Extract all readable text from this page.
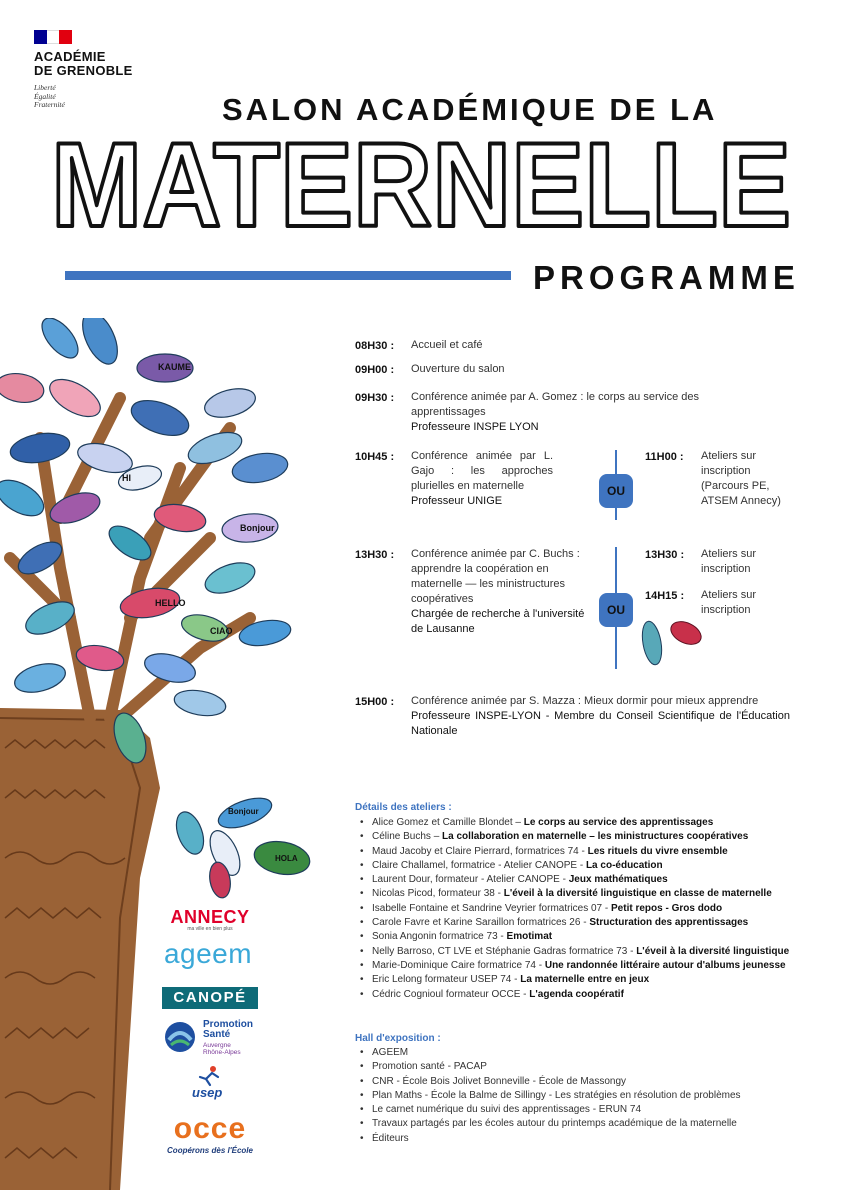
ACADÉMIE
DE GRENOBLE
Liberté
Égalité
Fraternité	SALON ACADÉMIQUE DE LA
MATERNELLE
PROGRAMME
KAUME
HI
CIAO
HELLO
Bonjour
HOLA
Bonjour
08H30 : Accueil et café
09H00 : Ouverture du salon
09H30 : Conférence animée par A. Gomez : le corps au service des apprentissages
Professeure INSPE LYON
10H45 : Conférence animée par L. Gajo : les approches plurielles en maternelle
Professeur UNIGE
OU
11H00 : Ateliers sur inscription (Parcours PE, ATSEM Annecy)
13H30 : Conférence animée par C. Buchs : apprendre la coopération en maternelle — les ministructures coopératives
Chargée de recherche à l'université de Lausanne
OU
13H30 : Ateliers sur inscription
14H15 : Ateliers sur inscription
15H00 : Conférence animée par S. Mazza : Mieux dormir pour mieux apprendre
Professeure INSPE-LYON - Membre du Conseil Scientifique de l'Éducation Nationale
Détails des ateliers :
• Alice Gomez et Camille Blondet – Le corps au service des apprentissages
• Céline Buchs – La collaboration en maternelle – les ministructures coopératives
• Maud Jacoby et Claire Pierrard, formatrices 74 - Les rituels du vivre ensemble
• Claire Challamel, formatrice - Atelier CANOPE - La co-éducation
• Laurent Dour, formateur - Atelier CANOPE - Jeux mathématiques
• Nicolas Picod, formateur 38 - L'éveil à la diversité linguistique en classe de maternelle
• Isabelle Fontaine et Sandrine Veyrier formatrices 07 - Petit repos - Gros dodo
• Carole Favre et Karine Saraillon formatrices 26 - Structuration des apprentissages
• Sonia Angonin formatrice 73 - Emotimat
• Nelly Barroso, CT LVE et Stéphanie Gadras formatrice 73 - L'éveil à la diversité linguistique
• Marie-Dominique Caire formatrice 74 - Une randonnée littéraire autour d'albums jeunesse
• Eric Lelong formateur USEP 74 - La maternelle entre en jeux
• Cédric Cognioul formateur OCCE - L'agenda coopératif
Hall d'exposition :
• AGEEM
• Promotion santé - PACAP
• CNR - École Bois Jolivet Bonneville - École de Massongy
• Plan Maths - École la Balme de Sillingy - Les stratégies en résolution de problèmes
• Le carnet numérique du suivi des apprentissages - ERUN 74
• Travaux partagés par les écoles autour du printemps académique de la maternelle
• Éditeurs
ANNECY
ma ville en bien plus
ageem
CANOPÉ
Promotion
Santé
Auvergne
Rhône-Alpes
usep
occe
Coopérons dès l'École
